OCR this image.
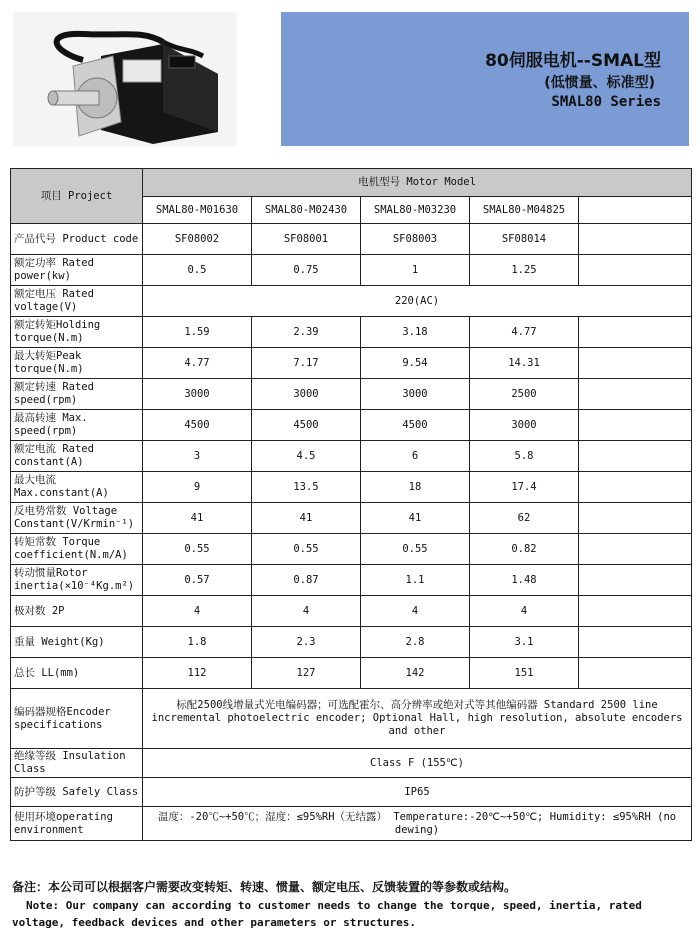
80伺服电机--SMAL型
(低惯量、标准型)
SMAL80 Series
项目 Project	电机型号 Motor Model				
	SMAL80-M01630	SMAL80-M02430	SMAL80-M03230	SMAL80-M04825	
产品代号 Product code	SF08002	SF08001	SF08003	SF08014	
额定功率 Rated power(kw)	0.5	0.75	1	1.25	
额定电压 Rated voltage(V)	220(AC)				
额定转矩Holding torque(N.m)	1.59	2.39	3.18	4.77	
最大转矩Peak torque(N.m)	4.77	7.17	9.54	14.31	
额定转速 Rated speed(rpm)	3000	3000	3000	2500	
最高转速 Max. speed(rpm)	4500	4500	4500	3000	
额定电流 Rated constant(A)	3	4.5	6	5.8	
最大电流 Max.constant(A)	9	13.5	18	17.4	
反电势常数 Voltage Constant(V/Krmin⁻¹)	41	41	41	62	
转矩常数 Torque coefficient(N.m/A)	0.55	0.55	0.55	0.82	
转动惯量Rotor inertia(×10⁻⁴Kg.m²)	0.57	0.87	1.1	1.48	
极对数 2P	4	4	4	4	
重量 Weight(Kg)	1.8	2.3	2.8	3.1	
总长 LL(mm)	112	127	142	151	
编码器规格Encoder specifications	标配2500线增量式光电编码器；可选配霍尔、高分辨率或绝对式等其他编码器 Standard 2500 line incremental photoelectric encoder; Optional Hall, high resolution, absolute encoders and other				
绝缘等级 Insulation Class	Class F (155℃)				
防护等级 Safely Class	IP65				
使用环境operating environment	温度：-20℃~+50℃；湿度：≤95%RH（无结露） Temperature:-20℃~+50℃; Humidity: ≤95%RH (no dewing)				
备注：本公司可以根据客户需要改变转矩、转速、惯量、额定电压、反馈装置的等参数或结构。
Note: Our company can according to customer needs to change the torque, speed, inertia, rated voltage, feedback devices and other parameters or structures.
